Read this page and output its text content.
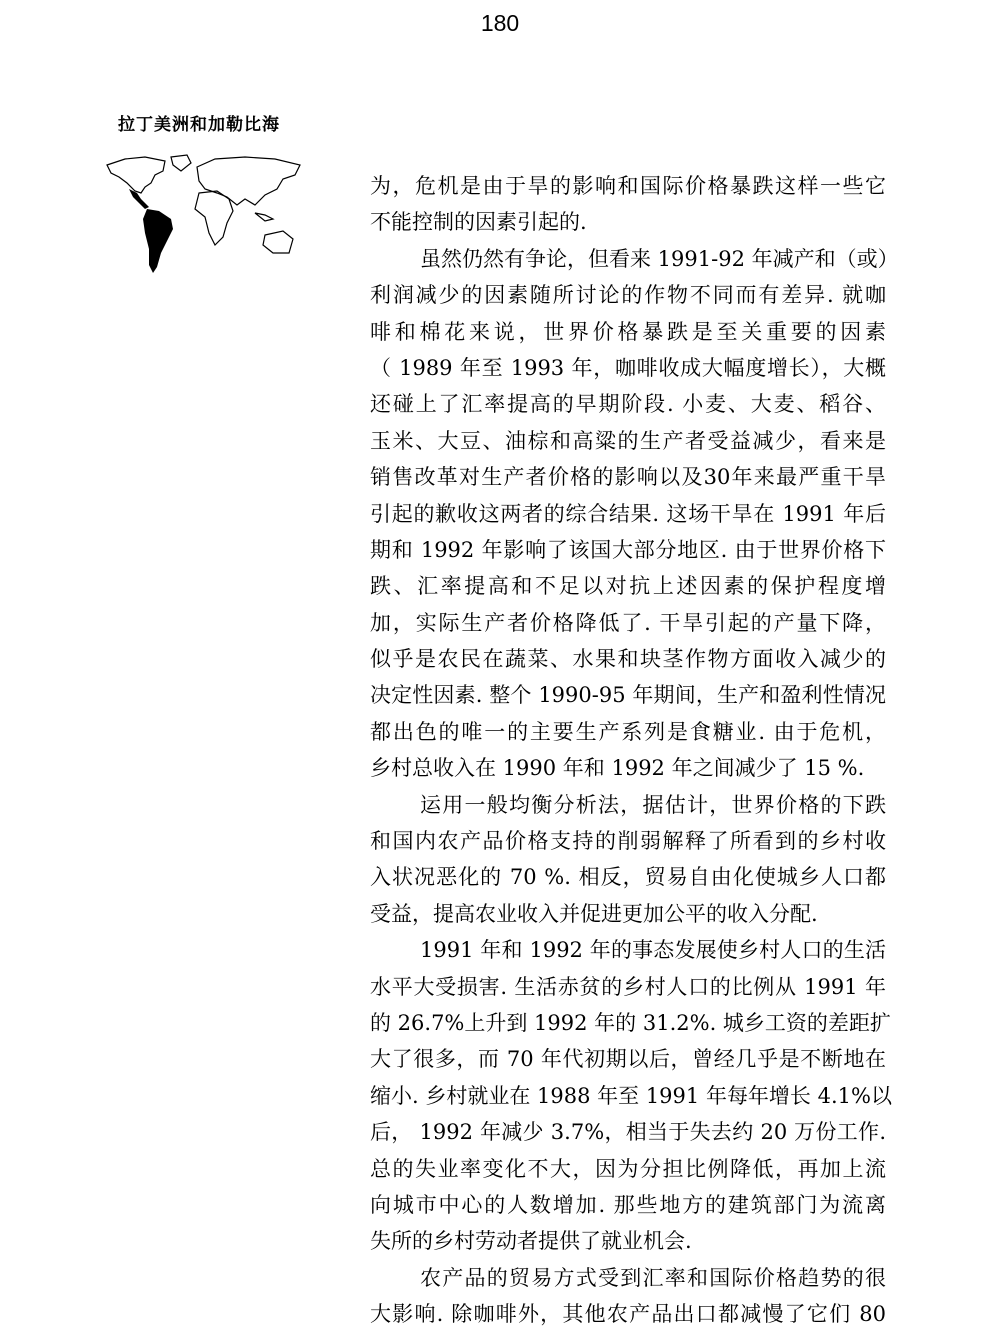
180
拉丁美洲和加勒比海
为，危机是由于旱的影响和国际价格暴跌这样一些它
不能控制的因素引起的.
虽然仍然有争论，但看来 1991-92 年减产和（或）
利润减少的因素随所讨论的作物不同而有差异. 就咖
啡和棉花来说，世界价格暴跌是至关重要的因素
（ 1989 年至 1993 年，咖啡收成大幅度增长），大概
还碰上了汇率提高的早期阶段. 小麦、大麦、稻谷、
玉米、大豆、油棕和高粱的生产者受益减少，看来是
销售改革对生产者价格的影响以及30年来最严重干旱
引起的歉收这两者的综合结果. 这场干旱在 1991 年后
期和 1992 年影响了该国大部分地区. 由于世界价格下
跌、汇率提高和不足以对抗上述因素的保护程度增
加，实际生产者价格降低了. 干旱引起的产量下降，
似乎是农民在蔬菜、水果和块茎作物方面收入减少的
决定性因素. 整个 1990-95 年期间，生产和盈利性情况
都出色的唯一的主要生产系列是食糖业. 由于危机，
乡村总收入在 1990 年和 1992 年之间减少了 15 %.
运用一般均衡分析法，据估计，世界价格的下跌
和国内农产品价格支持的削弱解释了所看到的乡村收
入状况恶化的 70 %. 相反，贸易自由化使城乡人口都
受益，提高农业收入并促进更加公平的收入分配.
1991 年和 1992 年的事态发展使乡村人口的生活
水平大受损害. 生活赤贫的乡村人口的比例从 1991 年
的 26.7%上升到 1992 年的 31.2%. 城乡工资的差距扩
大了很多，而 70 年代初期以后，曾经几乎是不断地在
缩小. 乡村就业在 1988 年至 1991 年每年增长 4.1%以
后， 1992 年减少 3.7%，相当于失去约 20 万份工作.
总的失业率变化不大，因为分担比例降低，再加上流
向城市中心的人数增加. 那些地方的建筑部门为流离
失所的乡村劳动者提供了就业机会.
农产品的贸易方式受到汇率和国际价格趋势的很
大影响. 除咖啡外，其他农产品出口都减慢了它们 80
